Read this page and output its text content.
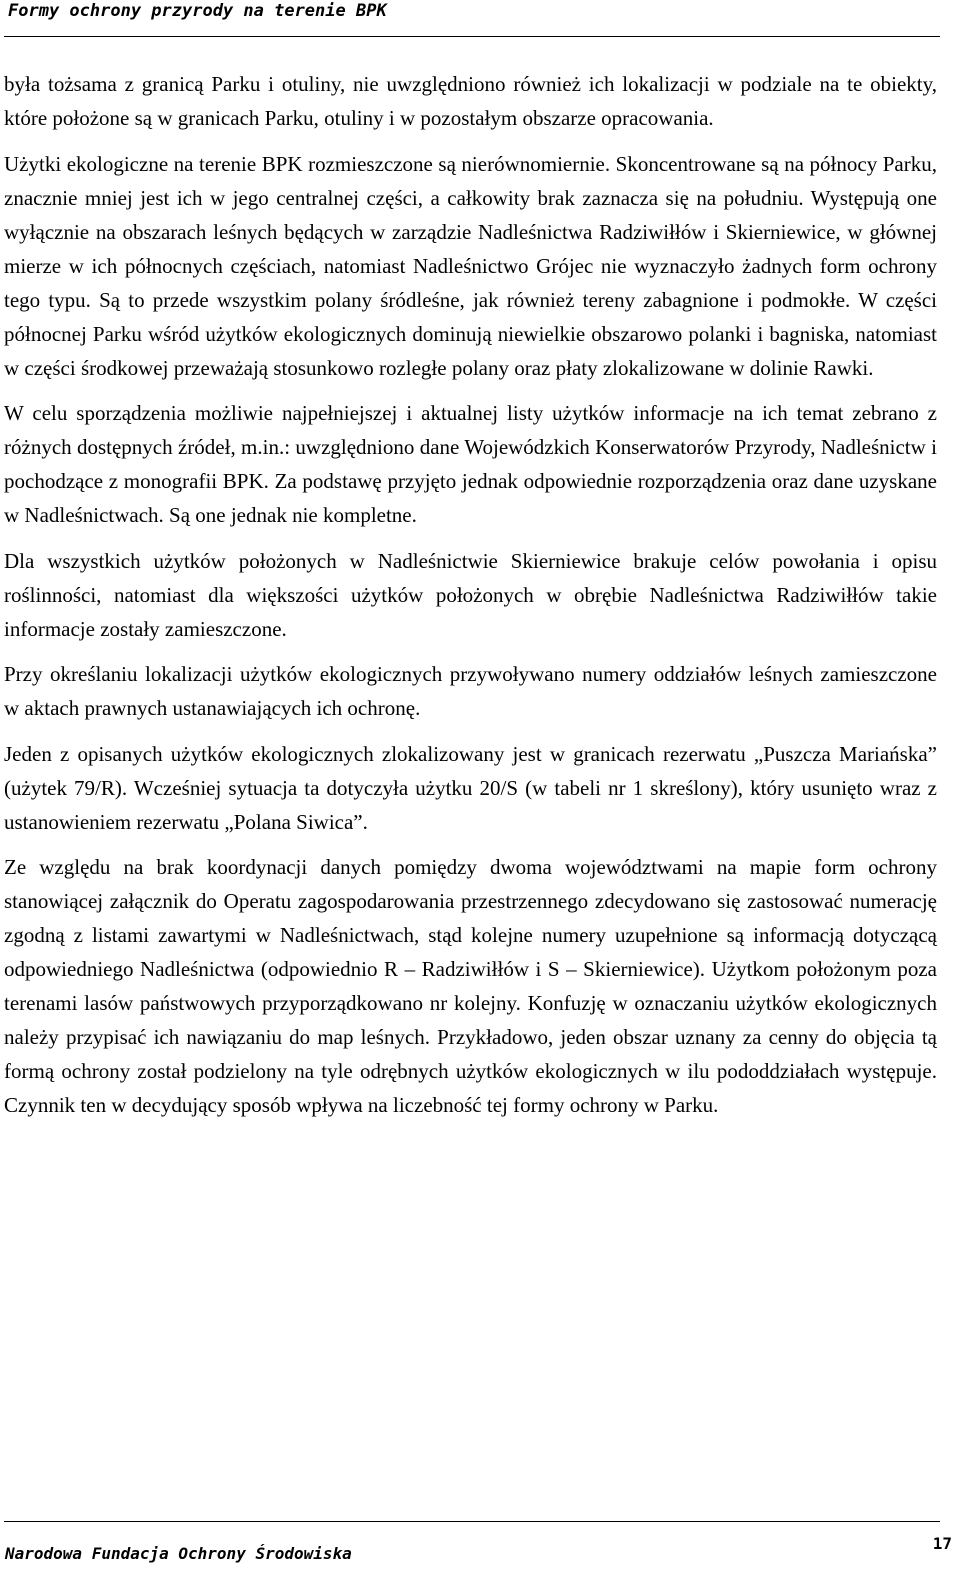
Formy ochrony przyrody na terenie BPK

była tożsama z granicą Parku i otuliny, nie uwzględniono również ich lokalizacji w podziale na te obiekty, które położone są w granicach Parku, otuliny i w pozostałym obszarze opracowania.

Użytki ekologiczne na terenie BPK rozmieszczone są nierównomiernie. Skoncentrowane są na północy Parku, znacznie mniej jest ich w jego centralnej części, a całkowity brak zaznacza się na południu. Występują one wyłącznie na obszarach leśnych będących w zarządzie Nadleśnictwa Radziwiłłów i Skierniewice, w głównej mierze w ich północnych częściach, natomiast Nadleśnictwo Grójec nie wyznaczyło żadnych form ochrony tego typu. Są to przede wszystkim polany śródleśne, jak również tereny zabagnione i podmokłe. W części północnej Parku wśród użytków ekologicznych dominują niewielkie obszarowo polanki i bagniska, natomiast w części środkowej przeważają stosunkowo rozległe polany oraz płaty zlokalizowane w dolinie Rawki.

W celu sporządzenia możliwie najpełniejszej i aktualnej listy użytków informacje na ich temat zebrano z różnych dostępnych źródeł, m.in.: uwzględniono dane Wojewódzkich Konserwatorów Przyrody, Nadleśnictw i pochodzące z monografii BPK. Za podstawę przyjęto jednak odpowiednie rozporządzenia oraz dane uzyskane w Nadleśnictwach. Są one jednak nie kompletne.

Dla wszystkich użytków położonych w Nadleśnictwie Skierniewice brakuje celów powołania i opisu roślinności, natomiast dla większości użytków położonych w obrębie Nadleśnictwa Radziwiłłów takie informacje zostały zamieszczone.

Przy określaniu lokalizacji użytków ekologicznych przywoływano numery oddziałów leśnych zamieszczone w aktach prawnych ustanawiających ich ochronę.

Jeden z opisanych użytków ekologicznych zlokalizowany jest w granicach rezerwatu „Puszcza Mariańska” (użytek 79/R). Wcześniej sytuacja ta dotyczyła użytku 20/S (w tabeli nr 1 skreślony), który usunięto wraz z ustanowieniem rezerwatu „Polana Siwica”.

Ze względu na brak koordynacji danych pomiędzy dwoma województwami na mapie form ochrony stanowiącej załącznik do Operatu zagospodarowania przestrzennego zdecydowano się zastosować numerację zgodną z listami zawartymi w Nadleśnictwach, stąd kolejne numery uzupełnione są informacją dotyczącą odpowiedniego Nadleśnictwa (odpowiednio R – Radziwiłłów i S – Skierniewice). Użytkom położonym poza terenami lasów państwowych przyporządkowano nr kolejny. Konfuzję w oznaczaniu użytków ekologicznych należy przypisać ich nawiązaniu do map leśnych. Przykładowo, jeden obszar uznany za cenny do objęcia tą formą ochrony został podzielony na tyle odrębnych użytków ekologicznych w ilu pododdziałach występuje. Czynnik ten w decydujący sposób wpływa na liczebność tej formy ochrony w Parku.

Narodowa Fundacja Ochrony Środowiska
17
